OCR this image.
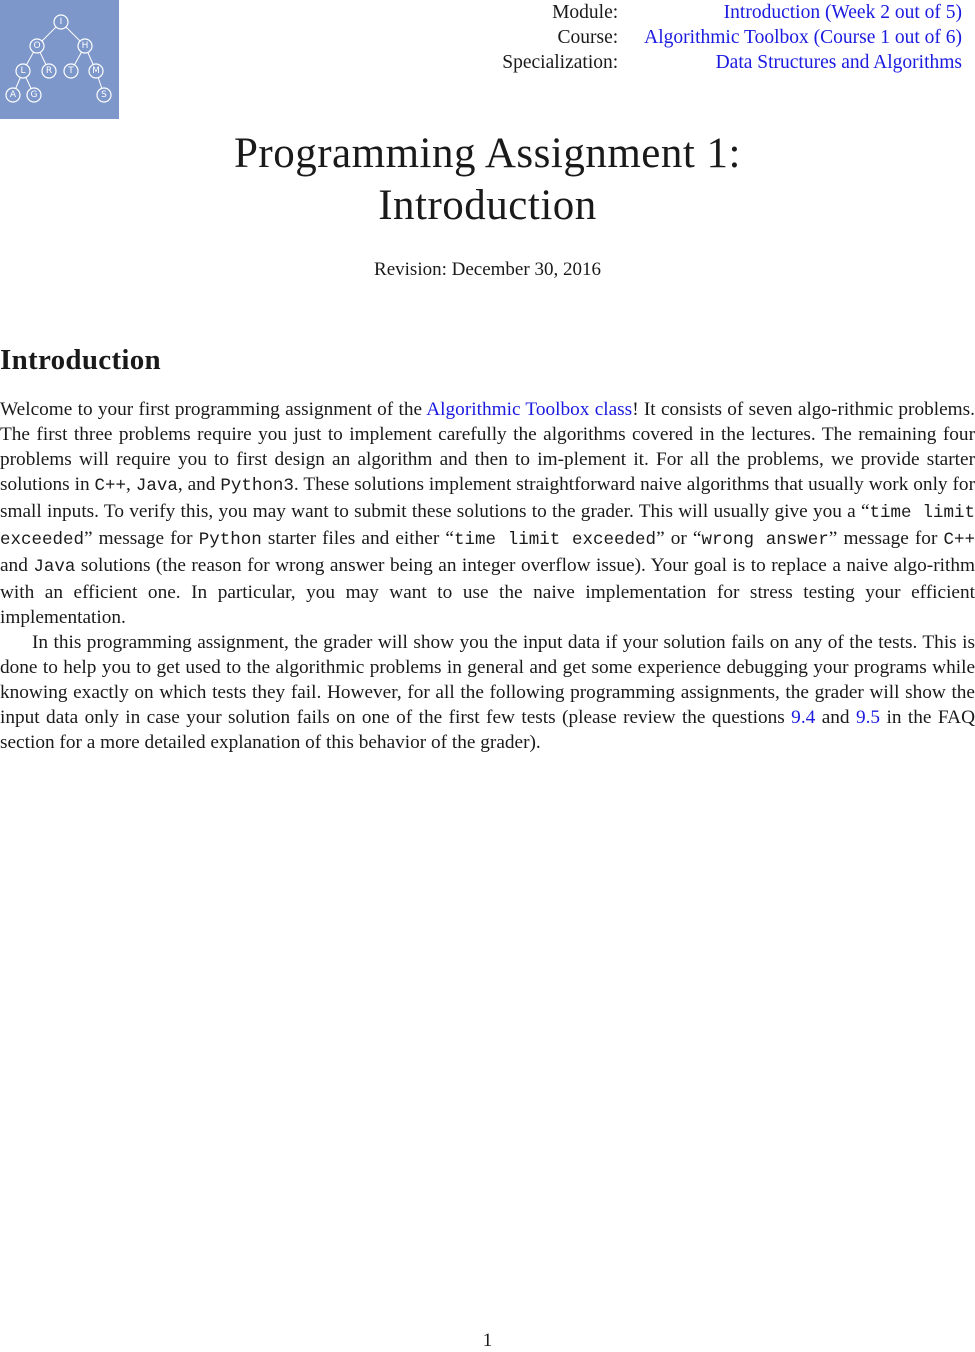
I
O	H
L R T M
A G	S
Module:	Introduction (Week 2 out of 5)
Course:	Algorithmic Toolbox (Course 1 out of 6)
Specialization:	Data Structures and Algorithms
Programming Assignment 1:
Introduction
Revision: December 30, 2016
Introduction

Welcome to your first programming assignment of the Algorithmic Toolbox class! It consists of seven algo-rithmic problems. The first three problems require you just to implement carefully the algorithms covered in the lectures. The remaining four problems will require you to first design an algorithm and then to im-plement it. For all the problems, we provide starter solutions in C++, Java, and Python3. These solutions implement straightforward naive algorithms that usually work only for small inputs. To verify this, you may want to submit these solutions to the grader. This will usually give you a “time limit exceeded” message for Python starter files and either “time limit exceeded” or “wrong answer” message for C++ and Java solutions (the reason for wrong answer being an integer overflow issue). Your goal is to replace a naive algo-rithm with an efficient one. In particular, you may want to use the naive implementation for stress testing your efficient implementation.

In this programming assignment, the grader will show you the input data if your solution fails on any of the tests. This is done to help you to get used to the algorithmic problems in general and get some experience debugging your programs while knowing exactly on which tests they fail. However, for all the following programming assignments, the grader will show the input data only in case your solution fails on one of the first few tests (please review the questions 9.4 and 9.5 in the FAQ section for a more detailed explanation of this behavior of the grader).

1
